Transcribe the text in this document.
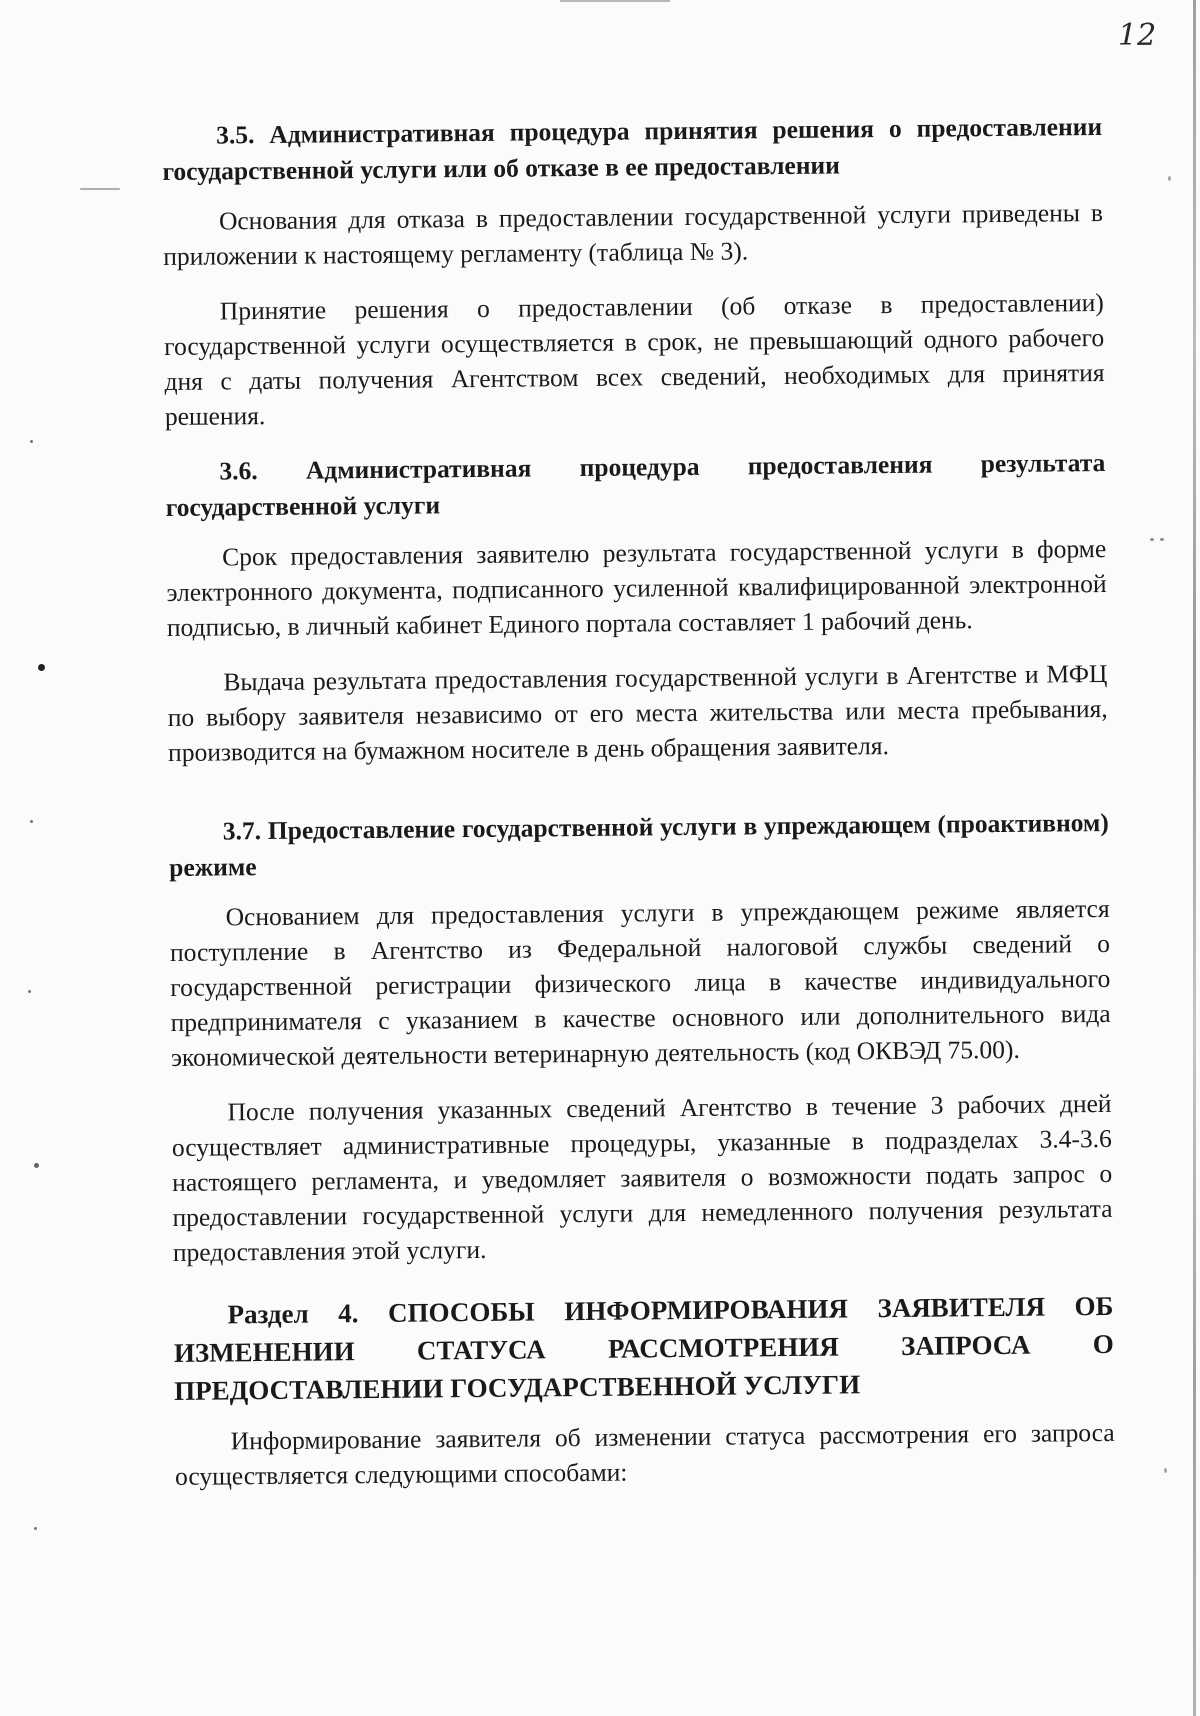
12

3.5. Административная процедура принятия решения о предоставлении государственной услуги или об отказе в ее предоставлении

Основания для отказа в предоставлении государственной услуги приведены в приложении к настоящему регламенту (таблица № 3).

Принятие решения о предоставлении (об отказе в предоставлении) государственной услуги осуществляется в срок, не превышающий одного рабочего дня с даты получения Агентством всех сведений, необходимых для принятия решения.

3.6. Административная процедура предоставления результата государственной услуги

Срок предоставления заявителю результата государственной услуги в форме электронного документа, подписанного усиленной квалифицированной электронной подписью, в личный кабинет Единого портала составляет 1 рабочий день.

Выдача результата предоставления государственной услуги в Агентстве и МФЦ по выбору заявителя независимо от его места жительства или места пребывания, производится на бумажном носителе в день обращения заявителя.

3.7. Предоставление государственной услуги в упреждающем (проактивном) режиме

Основанием для предоставления услуги в упреждающем режиме является поступление в Агентство из Федеральной налоговой службы сведений о государственной регистрации физического лица в качестве индивидуального предпринимателя с указанием в качестве основного или дополнительного вида экономической деятельности ветеринарную деятельность (код ОКВЭД 75.00).

После получения указанных сведений Агентство в течение 3 рабочих дней осуществляет административные процедуры, указанные в подразделах 3.4-3.6 настоящего регламента, и уведомляет заявителя о возможности подать запрос о предоставлении государственной услуги для немедленного получения результата предоставления этой услуги.

Раздел 4. СПОСОБЫ ИНФОРМИРОВАНИЯ ЗАЯВИТЕЛЯ ОБ ИЗМЕНЕНИИ СТАТУСА РАССМОТРЕНИЯ ЗАПРОСА О ПРЕДОСТАВЛЕНИИ ГОСУДАРСТВЕННОЙ УСЛУГИ

Информирование заявителя об изменении статуса рассмотрения его запроса осуществляется следующими способами:
